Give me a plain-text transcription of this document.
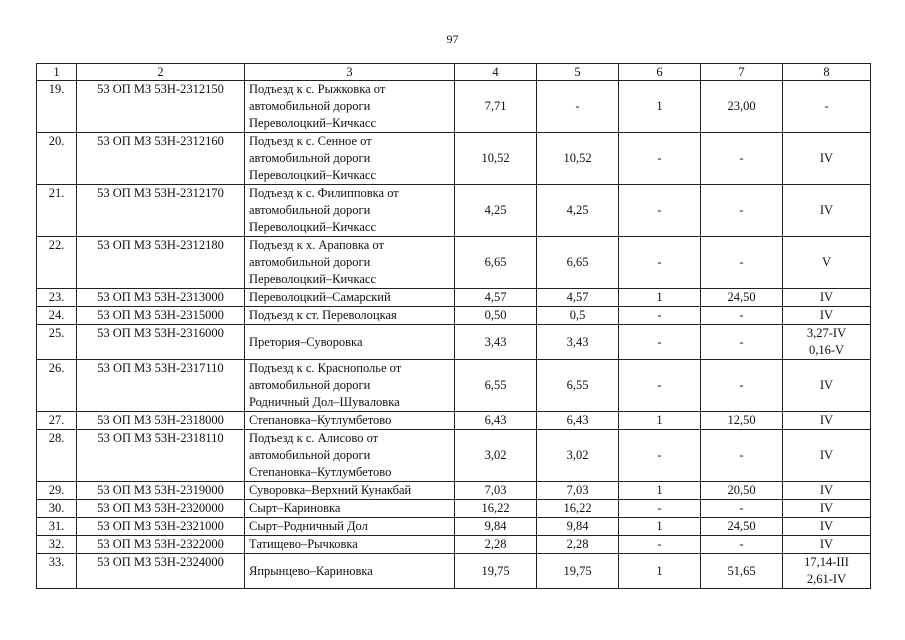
97
1	2	3	4	5	6	7	8
19.	53 ОП МЗ 53Н-2312150	Подъезд к с. Рыжковка от
автомобильной дороги
Переволоцкий–Кичкасс	7,71	-	1	23,00	-

20.	53 ОП МЗ 53Н-2312160	Подъезд к с. Сенное от
автомобильной дороги
Переволоцкий–Кичкасс	10,52	10,52	-	-	IV

21.	53 ОП МЗ 53Н-2312170	Подъезд к с. Филипповка от
автомобильной дороги
Переволоцкий–Кичкасс	4,25	4,25	-	-	IV

22.	53 ОП МЗ 53Н-2312180	Подъезд к х. Араповка от
автомобильной дороги
Переволоцкий–Кичкасс	6,65	6,65	-	-	V

23.	53 ОП МЗ 53Н-2313000	Переволоцкий–Самарский	4,57	4,57	1	24,50	IV

24.	53 ОП МЗ 53Н-2315000	Подъезд к ст. Переволоцкая	0,50	0,5	-	-	IV

25.	53 ОП МЗ 53Н-2316000	Претория–Суворовка	3,43	3,43	-	-	3,27-IV
0,16-V

26.	53 ОП МЗ 53Н-2317110	Подъезд к с. Краснополье от
автомобильной дороги
Родничный Дол–Шуваловка	6,55	6,55	-	-	IV

27.	53 ОП МЗ 53Н-2318000	Степановка–Кутлумбетово	6,43	6,43	1	12,50	IV

28.	53 ОП МЗ 53Н-2318110	Подъезд к с. Алисово от
автомобильной дороги
Степановка–Кутлумбетово	3,02	3,02	-	-	IV

29.	53 ОП МЗ 53Н-2319000	Суворовка–Верхний Кунакбай	7,03	7,03	1	20,50	IV

30.	53 ОП МЗ 53Н-2320000	Сырт–Кариновка	16,22	16,22	-	-	IV

31.	53 ОП МЗ 53Н-2321000	Сырт–Родничный Дол	9,84	9,84	1	24,50	IV

32.	53 ОП МЗ 53Н-2322000	Татищево–Рычковка	2,28	2,28	-	-	IV

33.	53 ОП МЗ 53Н-2324000	Япрынцево–Кариновка	19,75	19,75	1	51,65	17,14-III
2,61-IV
